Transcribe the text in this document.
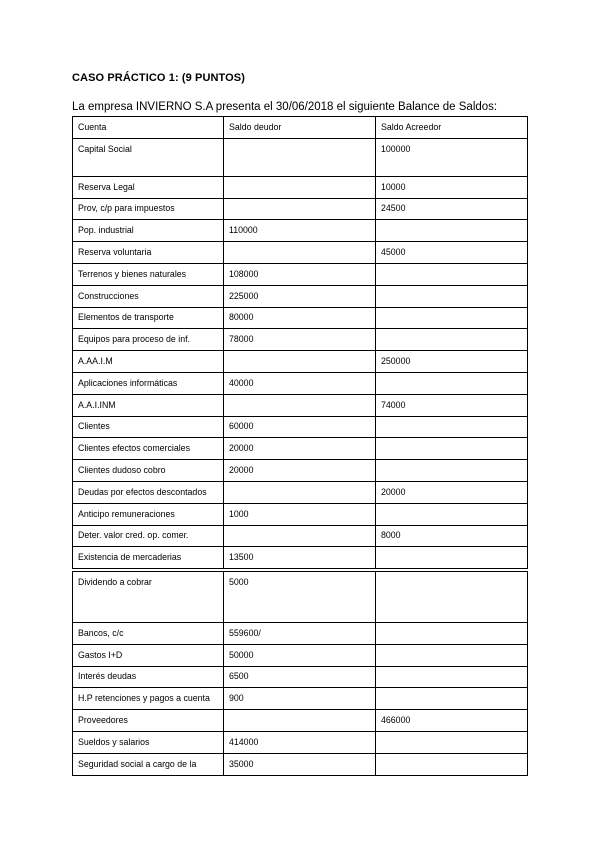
CASO PRÁCTICO 1: (9 PUNTOS)
La empresa INVIERNO S.A presenta el 30/06/2018 el siguiente Balance de Saldos:
Cuenta	Saldo deudor	Saldo Acreedor
Capital Social		100000
Reserva Legal		10000
Prov, c/p para impuestos		24500
Pop. industrial	110000	
Reserva voluntaria		45000
Terrenos y bienes naturales	108000	
Construcciones	225000	
Elementos de transporte	80000	
Equipos para proceso de inf.	78000	
A.AA.I.M		250000
Aplicaciones informáticas	40000	
A.A.I.INM		74000
Clientes	60000	
Clientes efectos comerciales	20000	
Clientes dudoso cobro	20000	
Deudas por efectos descontados		20000
Anticipo remuneraciones	1000	
Deter. valor cred. op. comer.		8000
Existencia de mercaderias	13500	
Dividendo a cobrar	5000	
Bancos, c/c	559600/	
Gastos I+D	50000	
Interés deudas	6500	
H.P retenciones y pagos a cuenta	900	
Proveedores		466000
Sueldos y salarios	414000	
Seguridad social a cargo de la	35000	
